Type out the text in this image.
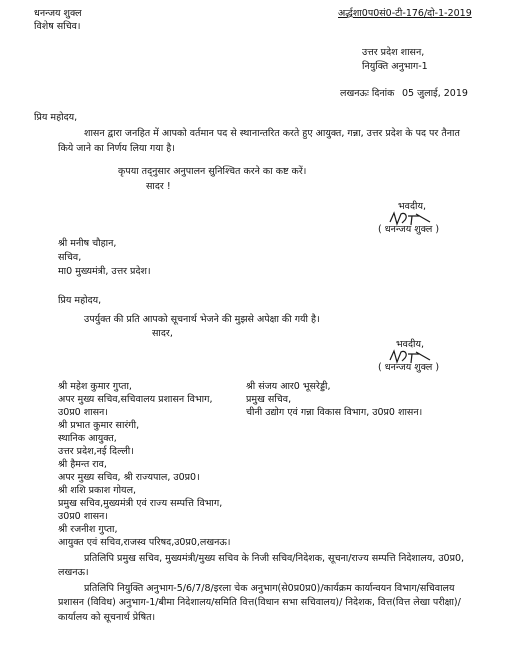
धनन्जय शुक्ल
विशेष सचिव।
अर्द्धशा0प0सं0-टी-176/दो-1-2019
उत्तर प्रदेश शासन,
नियुक्ति अनुभाग-1
लखनऊः दिनांक 05 जुलाई, 2019
प्रिय महोदय,
शासन द्वारा जनहित में आपको वर्तमान पद से स्थानान्तरित करते हुए आयुक्त, गन्ना, उत्तर प्रदेश के पद पर तैनात किये जाने का निर्णय लिया गया है।
कृपया तद्नुसार अनुपालन सुनिश्चित करने का कष्ट करें।
सादर !
भवदीय,
( धनन्जय शुक्ल )
श्री मनीष चौहान,
सचिव,
मा0 मुख्यमंत्री, उत्तर प्रदेश।
प्रिय महोदय,
उपर्युक्त की प्रति आपको सूचनार्थ भेजने की मुझसे अपेक्षा की गयी है।
सादर,
भवदीय,
( धनन्जय शुक्ल )
श्री महेश कुमार गुप्ता,
अपर मुख्य सचिव,सचिवालय प्रशासन विभाग,
उ0प्र0 शासन।
श्री प्रभात कुमार सारंगी,
स्थानिक आयुक्त,
उत्तर प्रदेश,नई दिल्ली।
श्री हैमन्त राव,
अपर मुख्य सचिव, श्री राज्यपाल, उ0प्र0।
श्री शशि प्रकाश गोयल,
प्रमुख सचिव,मुख्यमंत्री एवं राज्य सम्पत्ति विभाग,
उ0प्र0 शासन।
श्री रजनीश गुप्ता,
आयुक्त एवं सचिव,राजस्व परिषद,उ0प्र0,लखनऊ।
श्री संजय आर0 भूसरेड्डी,
प्रमुख सचिव,
चीनी उद्योग एवं गन्ना विकास विभाग, उ0प्र0 शासन।
प्रतिलिपि प्रमुख सचिव, मुख्यमंत्री/मुख्य सचिव के निजी सचिव/निदेशक, सूचना/राज्य सम्पत्ति निदेशालय, उ0प्र0, लखनऊ।
प्रतिलिपि नियुक्ति अनुभाग-5/6/7/8/इरला चेक अनुभाग(से0प्र0प्र0)/कार्यक्रम कार्यान्वयन विभाग/सचिवालय प्रशासन (विविध) अनुभाग-1/बीमा निदेशालय/समिति वित्त(विधान सभा सचिवालय)/ निदेशक, वित्त(वित्त लेखा परीक्षा)/कार्यालय को सूचनार्थ प्रेषित।
